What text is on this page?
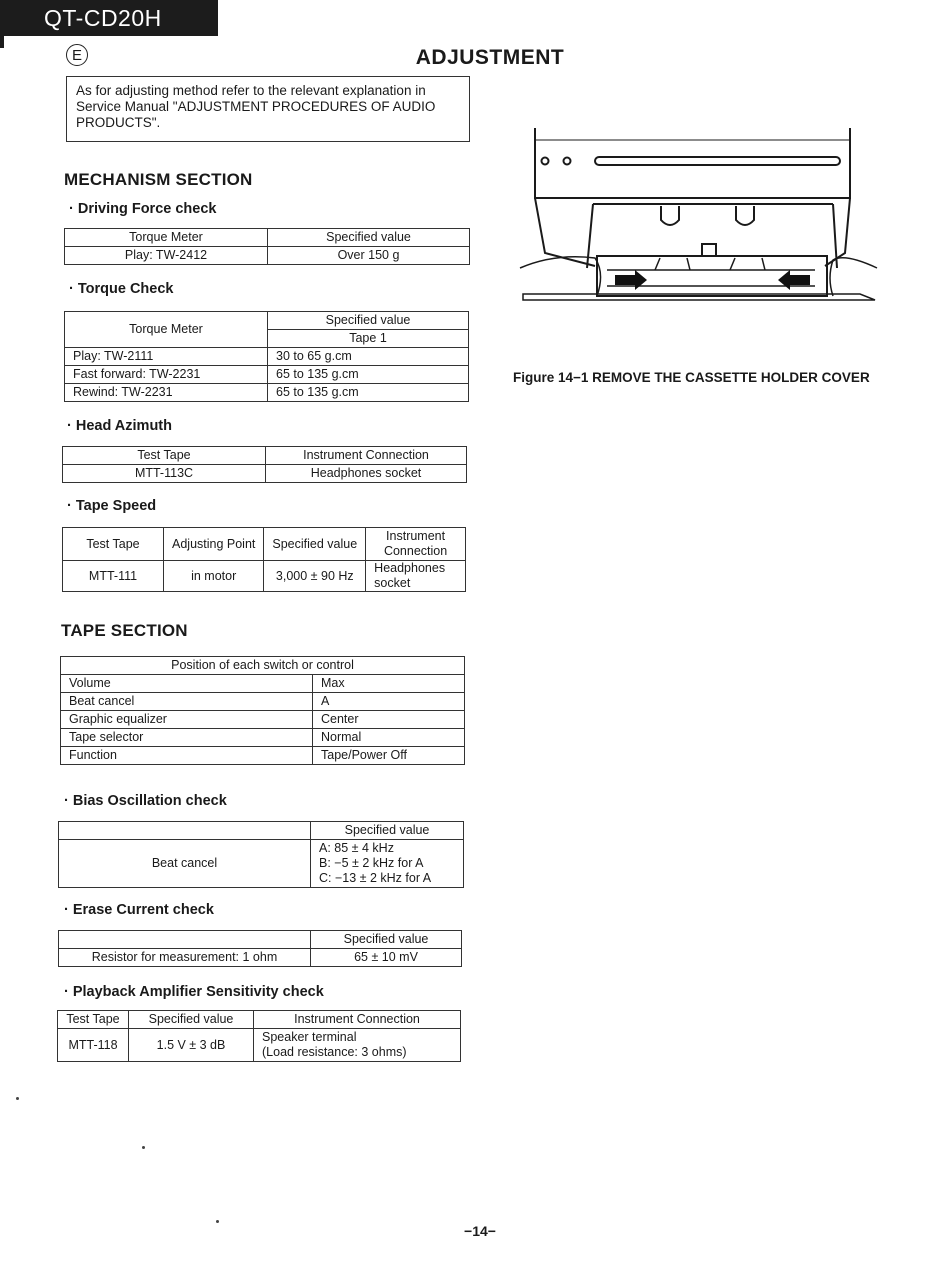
QT-CD20H
E	ADJUSTMENT
As for adjusting method refer to the relevant explanation in Service Manual "ADJUSTMENT PROCEDURES OF AUDIO PRODUCTS".
MECHANISM SECTION
· Driving Force check
Torque Meter	Specified value
Play: TW-2412	Over 150 g
· Torque Check
Torque Meter	Specified value
	Tape 1
Play: TW-2111	30 to 65 g.cm
Fast forward: TW-2231	65 to 135 g.cm
Rewind: TW-2231	65 to 135 g.cm
· Head Azimuth
Test Tape	Instrument Connection
MTT-113C	Headphones socket
· Tape Speed
Test Tape	Adjusting Point	Specified value	Instrument
Connection

MTT-111	in motor	3,000 ± 90 Hz	Headphones
socket
TAPE SECTION
Position of each switch or control	
Volume	Max
Beat cancel	A
Graphic equalizer	Center
Tape selector	Normal
Function	Tape/Power Off
· Bias Oscillation check
	Specified value
Beat cancel	A: 85 ± 4 kHz
B: −5 ± 2 kHz for A
C: −13 ± 2 kHz for A
· Erase Current check
	Specified value
Resistor for measurement: 1 ohm	65 ± 10 mV
· Playback Amplifier Sensitivity check
Test Tape	Specified value	Instrument Connection
MTT-118	1.5 V ± 3 dB	Speaker terminal
(Load resistance: 3 ohms)
Figure 14−1 REMOVE THE CASSETTE HOLDER COVER
−14−
